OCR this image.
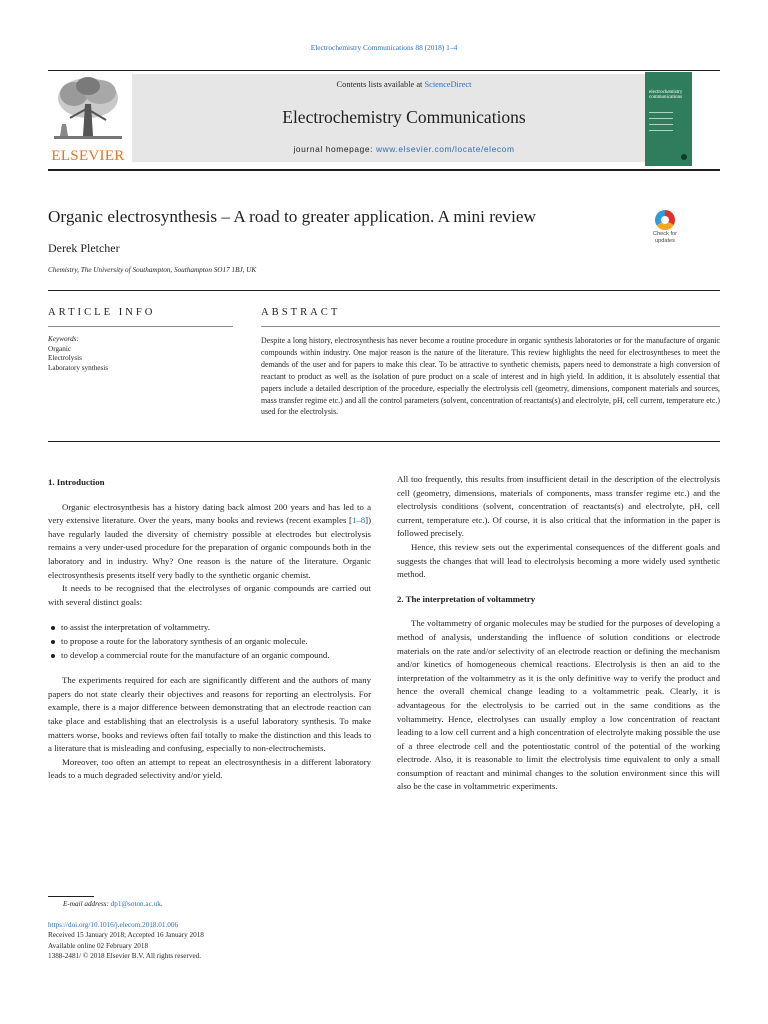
Electrochemistry Communications 88 (2018) 1–4
ELSEVIER
Contents lists available at ScienceDirect
Electrochemistry Communications
journal homepage: www.elsevier.com/locate/elecom
electrochemistry communications
Organic electrosynthesis – A road to greater application. A mini review
Check for
updates
Derek Pletcher
Chemistry, The University of Southampton, Southampton SO17 1BJ, UK
ARTICLE INFO	ABSTRACT
Keywords:
Organic
Electrolysis
Laboratory synthesis
Despite a long history, electrosynthesis has never become a routine procedure in organic synthesis laboratories or for the manufacture of organic compounds within industry. One major reason is the nature of the literature. This review highlights the need for electrosyntheses to meet the demands of the user and for papers to make this clear. To be attractive to synthetic chemists, papers need to demonstrate a high conversion of reactant to product as well as the isolation of pure product on a scale of interest and in high yield. In addition, it is absolutely essential that papers include a detailed description of the procedure, especially the electrolysis cell (geometry, dimensions, component materials and sources, mass transfer regime etc.) and all the control parameters (solvent, concentration of reactants(s) and electrolyte, pH, cell current, temperature etc.) used for the electrolysis.
1. Introduction

Organic electrosynthesis has a history dating back almost 200 years and has led to a very extensive literature. Over the years, many books and reviews (recent examples [1–8]) have regularly lauded the diversity of chemistry possible at electrodes but electrolysis remains a very under-used procedure for the preparation of organic compounds both in the laboratory and in industry. Why? One reason is the nature of the literature. Organic electrosynthesis presents itself very badly to the synthetic organic chemist.

It needs to be recognised that the electrolyses of organic compounds are carried out with several distinct goals:

to assist the interpretation of voltammetry.
to propose a route for the laboratory synthesis of an organic molecule.
to develop a commercial route for the manufacture of an organic compound.

The experiments required for each are significantly different and the authors of many papers do not state clearly their objectives and reasons for reporting an electrolysis. For example, there is a major difference between demonstrating that an electrode reaction can take place and establishing that an electrolysis is a useful laboratory synthesis. To make matters worse, books and reviews often fail totally to make the distinction and this leads to a literature that is misleading and confusing, especially to non-electrochemists.

Moreover, too often an attempt to repeat an electrosynthesis in a different laboratory leads to a much degraded selectivity and/or yield.

All too frequently, this results from insufficient detail in the description of the electrolysis cell (geometry, dimensions, materials of components, mass transfer regime etc.) and the electrolysis conditions (solvent, concentration of reactants(s) and electrolyte, pH, cell current, temperature etc.). Of course, it is also critical that the information in the paper is followed precisely.

Hence, this review sets out the experimental consequences of the different goals and suggests the changes that will lead to electrolysis becoming a more widely used synthetic method.

2. The interpretation of voltammetry

The voltammetry of organic molecules may be studied for the purposes of developing a method of analysis, understanding the influence of solution conditions or electrode materials on the rate and/or selectivity of an electrode reaction or defining the mechanism and/or kinetics of homogeneous chemical reactions. Electrolysis is then an aid to the interpretation of the voltammetry as it is the only definitive way to verify the product and hence the overall chemical change leading to a voltammetric peak. Clearly, it is advantageous for the electrolysis to be carried out in the same conditions as the voltammetry. Hence, electrolyses can usually employ a low concentration of reactant leading to a low cell current and a high concentration of electrolyte making possible the use of a three electrode cell and the potentiostatic control of the potential of the working electrode. Also, it is reasonable to limit the electrolysis time equivalent to only a small consumption of reactant and minimal changes to the solution environment since this will also be the case in voltammetric experiments.

E-mail address: dp1@soton.ac.uk.
https://doi.org/10.1016/j.elecom.2018.01.006
Received 15 January 2018; Accepted 16 January 2018
Available online 02 February 2018
1388-2481/ © 2018 Elsevier B.V. All rights reserved.
